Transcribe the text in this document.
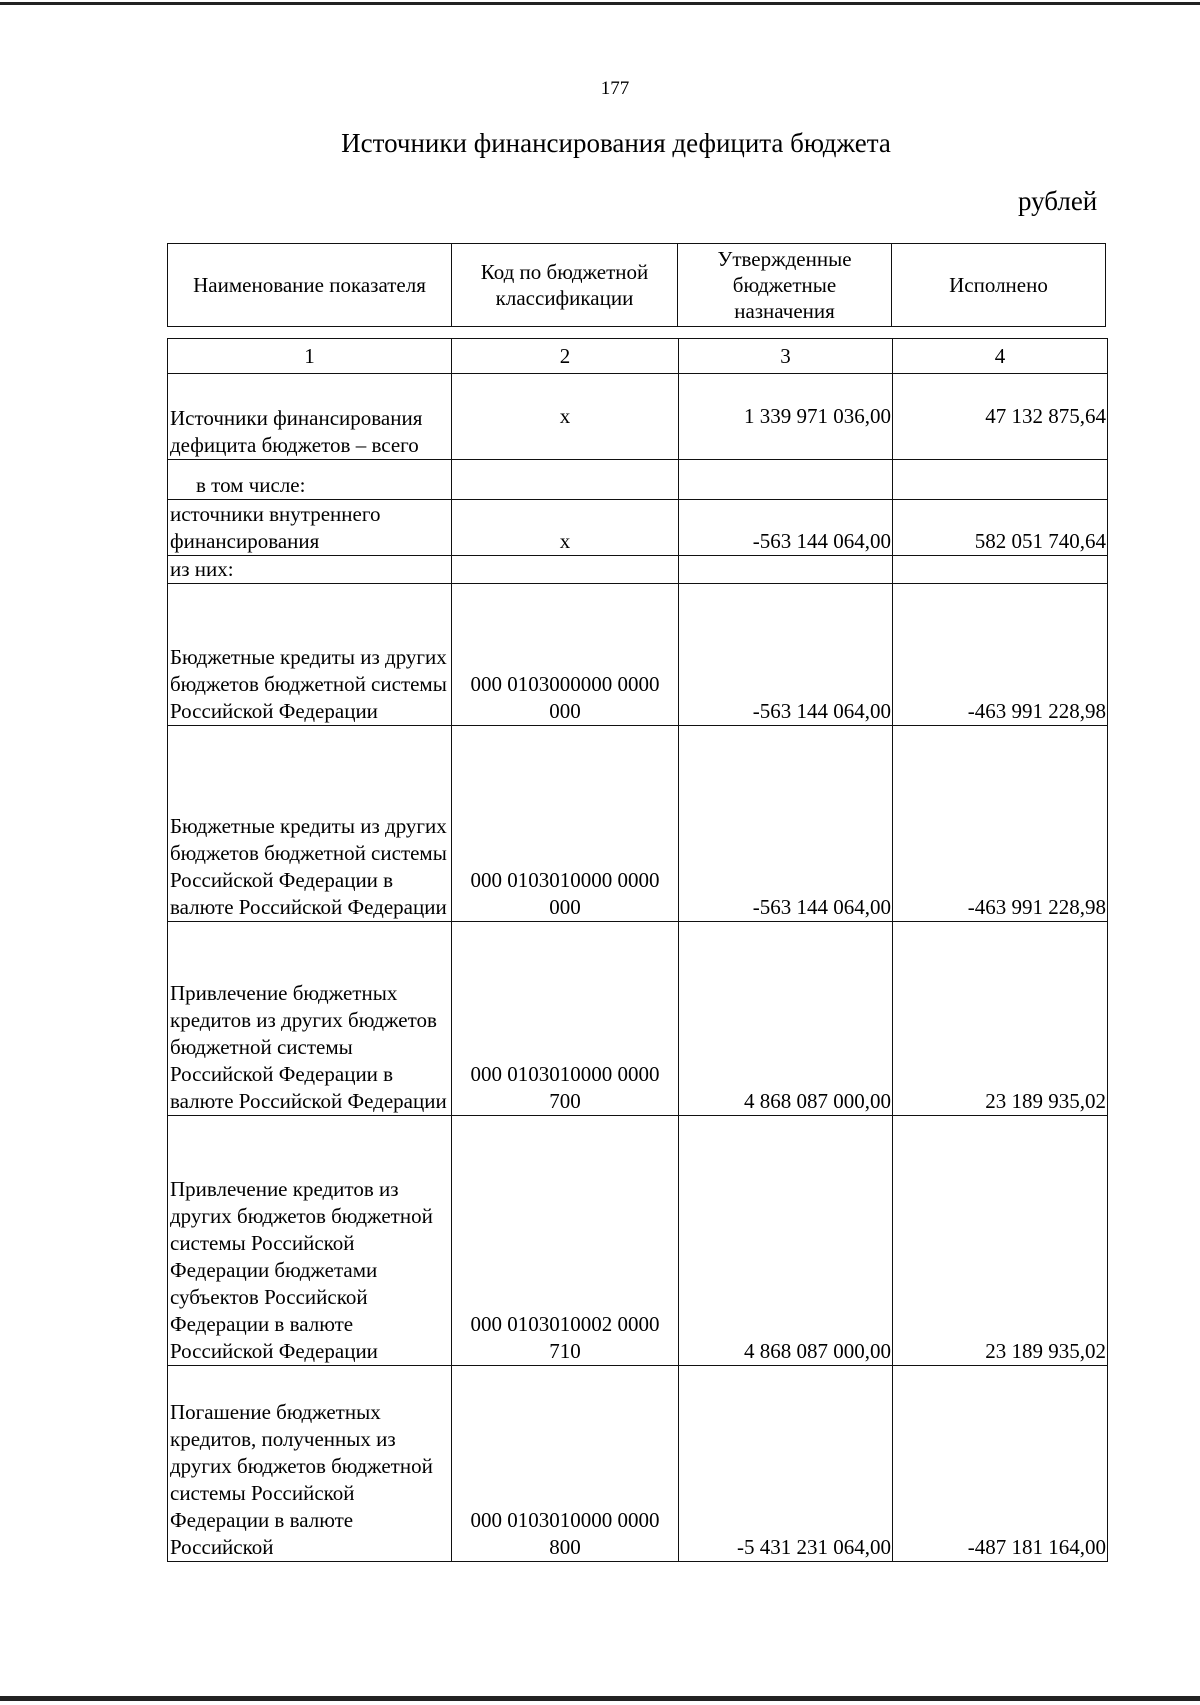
177
Источники финансирования дефицита бюджета
рублей
Наименование показателя	Код по бюджетной классификации	Утвержденные бюджетные назначения	Исполнено
1	2	3	4
Источники финансирования дефицита бюджетов – всего	х	1 339 971 036,00	47 132 875,64
в том числе:			
источники внутреннего финансирования	х	-563 144 064,00	582 051 740,64
из них:			
Бюджетные кредиты из других бюджетов бюджетной системы Российской Федерации	000 0103000000 0000 000	-563 144 064,00	-463 991 228,98
Бюджетные кредиты из других бюджетов бюджетной системы Российской Федерации в валюте Российской Федерации	000 0103010000 0000 000	-563 144 064,00	-463 991 228,98
Привлечение бюджетных кредитов из других бюджетов бюджетной системы Российской Федерации в валюте Российской Федерации	000 0103010000 0000 700	4 868 087 000,00	23 189 935,02
Привлечение кредитов из других бюджетов бюджетной системы Российской Федерации бюджетами субъектов Российской Федерации в валюте Российской Федерации	000 0103010002 0000 710	4 868 087 000,00	23 189 935,02
Погашение бюджетных кредитов, полученных из других бюджетов бюджетной системы Российской Федерации в валюте Российской	000 0103010000 0000 800	-5 431 231 064,00	-487 181 164,00
